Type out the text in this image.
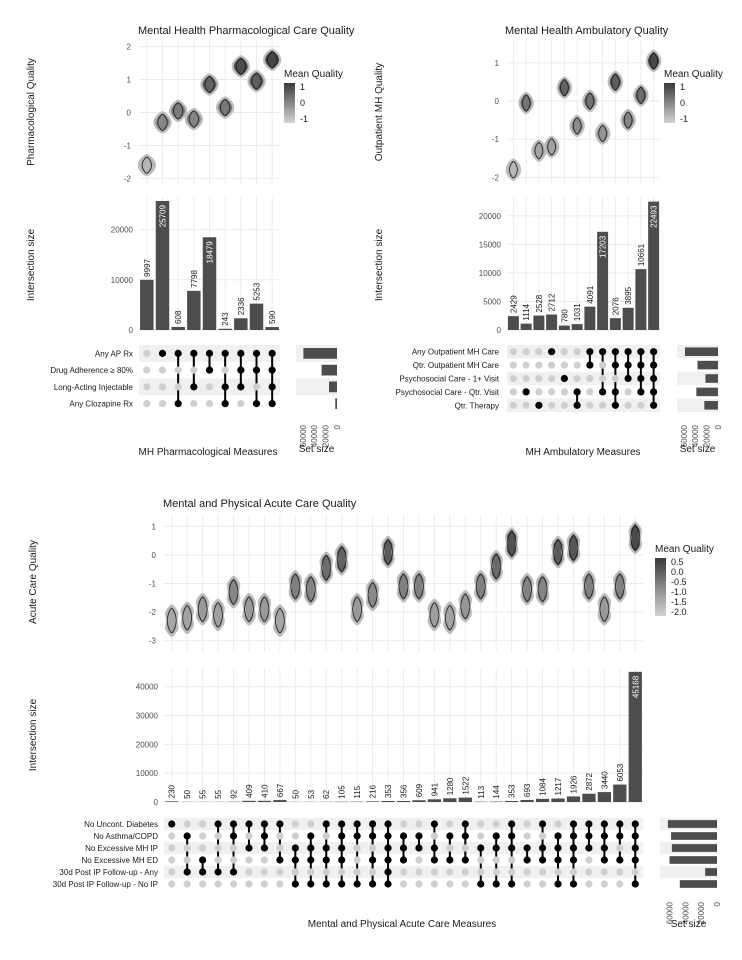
Mental Health Pharmacological Care Quality
-2
-1
0
1
2
Pharmacological Quality	Mean Quality
1
0
-1
0
10000
20000
Intersection size	9997
25709
608
7798
18479
243
2336
5253
590
Any AP Rx
Drug Adherence ≥ 80%
Long-Acting Injectable
Any Clozapine Rx
0
20000
40000
60000
Set size
MH Pharmacological Measures
Mental Health Ambulatory Quality
-2
-1
0
1
Outpatient MH Quality	Mean Quality
1
0
-1
0
5000
10000
15000
20000
Intersection size
2429 1114 2528 2712
780 1031
4091
17203
2076
3895
10661
22493
Any Outpatient MH Care
Qtr. Outpatient MH Care
Psychosocial Care - 1+ Visit
Psychosocial Care - Qtr. Visit
Qtr. Therapy
0
20000
40000
60000
Set size
MH Ambulatory Measures
Mental and Physical Acute Care Quality
-3
-2
-1
0
1
Acute Care Quality	Mean Quality
0.5
0.0
-0.5
-1.0
-1.5
-2.0
0
10000
20000
30000
40000
Intersection size
230 50 55 55 92 409 410 667 50 53 62 105 115 216 353 356 609 941 1280 1522 113 144 353 693 1084 1217 1926 2872 3440 6053
45168
No Uncont. Diabetes
No Asthma/COPD
No Excessive MH IP
No Excessive MH ED
30d Post IP Follow-up - Any
30d Post IP Follow-up - No IP
0
20000
40000
60000
Set size
Mental and Physical Acute Care Measures
